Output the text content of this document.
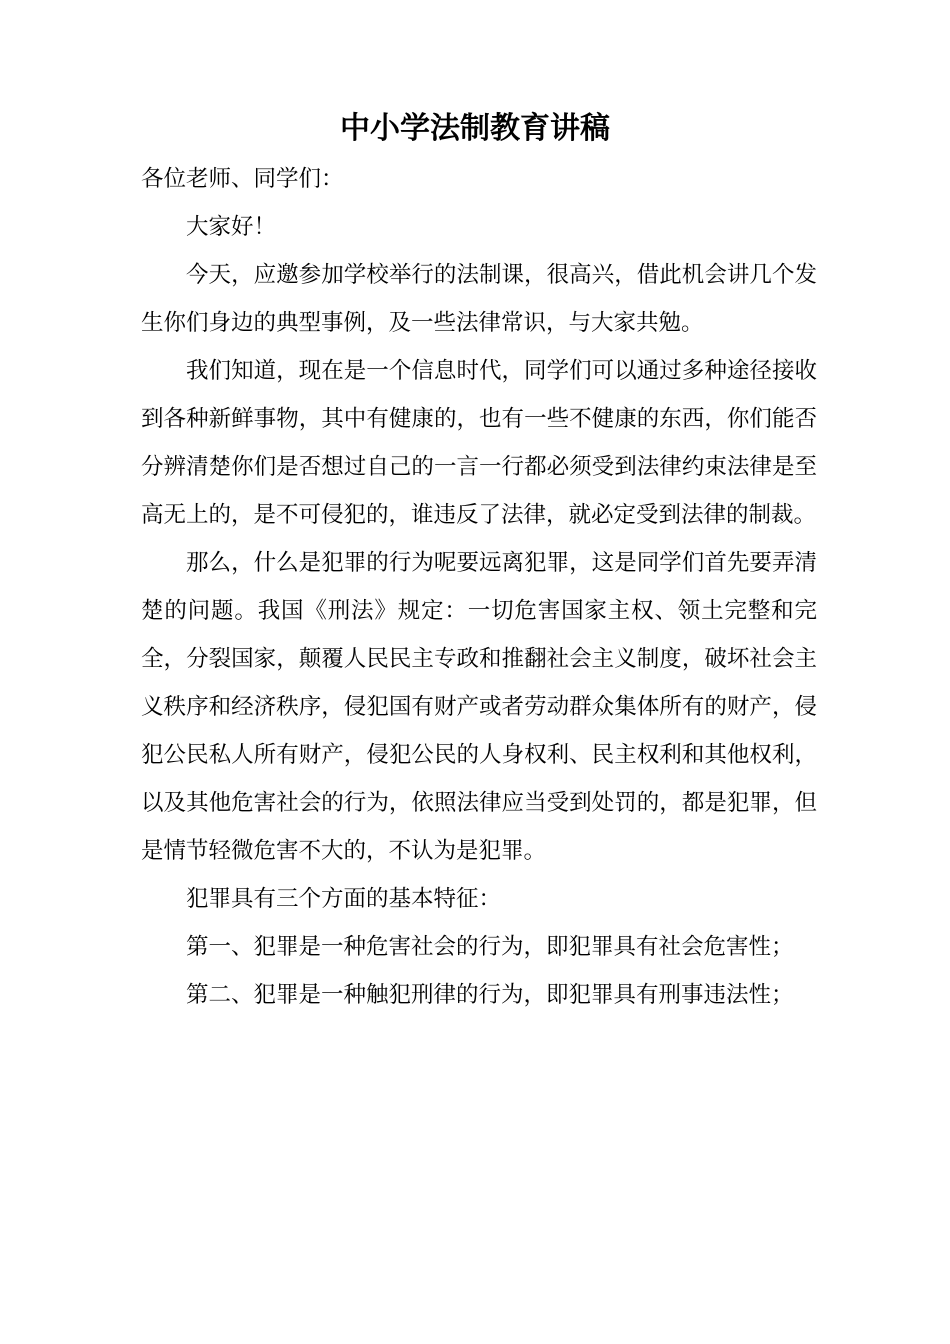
中小学法制教育讲稿

各位老师、同学们：

大家好！

今天，应邀参加学校举行的法制课，很高兴，借此机会讲几个发生你们身边的典型事例，及一些法律常识，与大家共勉。

我们知道，现在是一个信息时代，同学们可以通过多种途径接收到各种新鲜事物，其中有健康的，也有一些不健康的东西，你们能否分辨清楚你们是否想过自己的一言一行都必须受到法律约束法律是至高无上的，是不可侵犯的，谁违反了法律，就必定受到法律的制裁。

那么，什么是犯罪的行为呢要远离犯罪，这是同学们首先要弄清楚的问题。我国《刑法》规定：一切危害国家主权、领土完整和完全，分裂国家，颠覆人民民主专政和推翻社会主义制度，破坏社会主义秩序和经济秩序，侵犯国有财产或者劳动群众集体所有的财产，侵犯公民私人所有财产，侵犯公民的人身权利、民主权利和其他权利，以及其他危害社会的行为，依照法律应当受到处罚的，都是犯罪，但是情节轻微危害不大的，不认为是犯罪。

犯罪具有三个方面的基本特征：

第一、犯罪是一种危害社会的行为，即犯罪具有社会危害性；

第二、犯罪是一种触犯刑律的行为，即犯罪具有刑事违法性；
